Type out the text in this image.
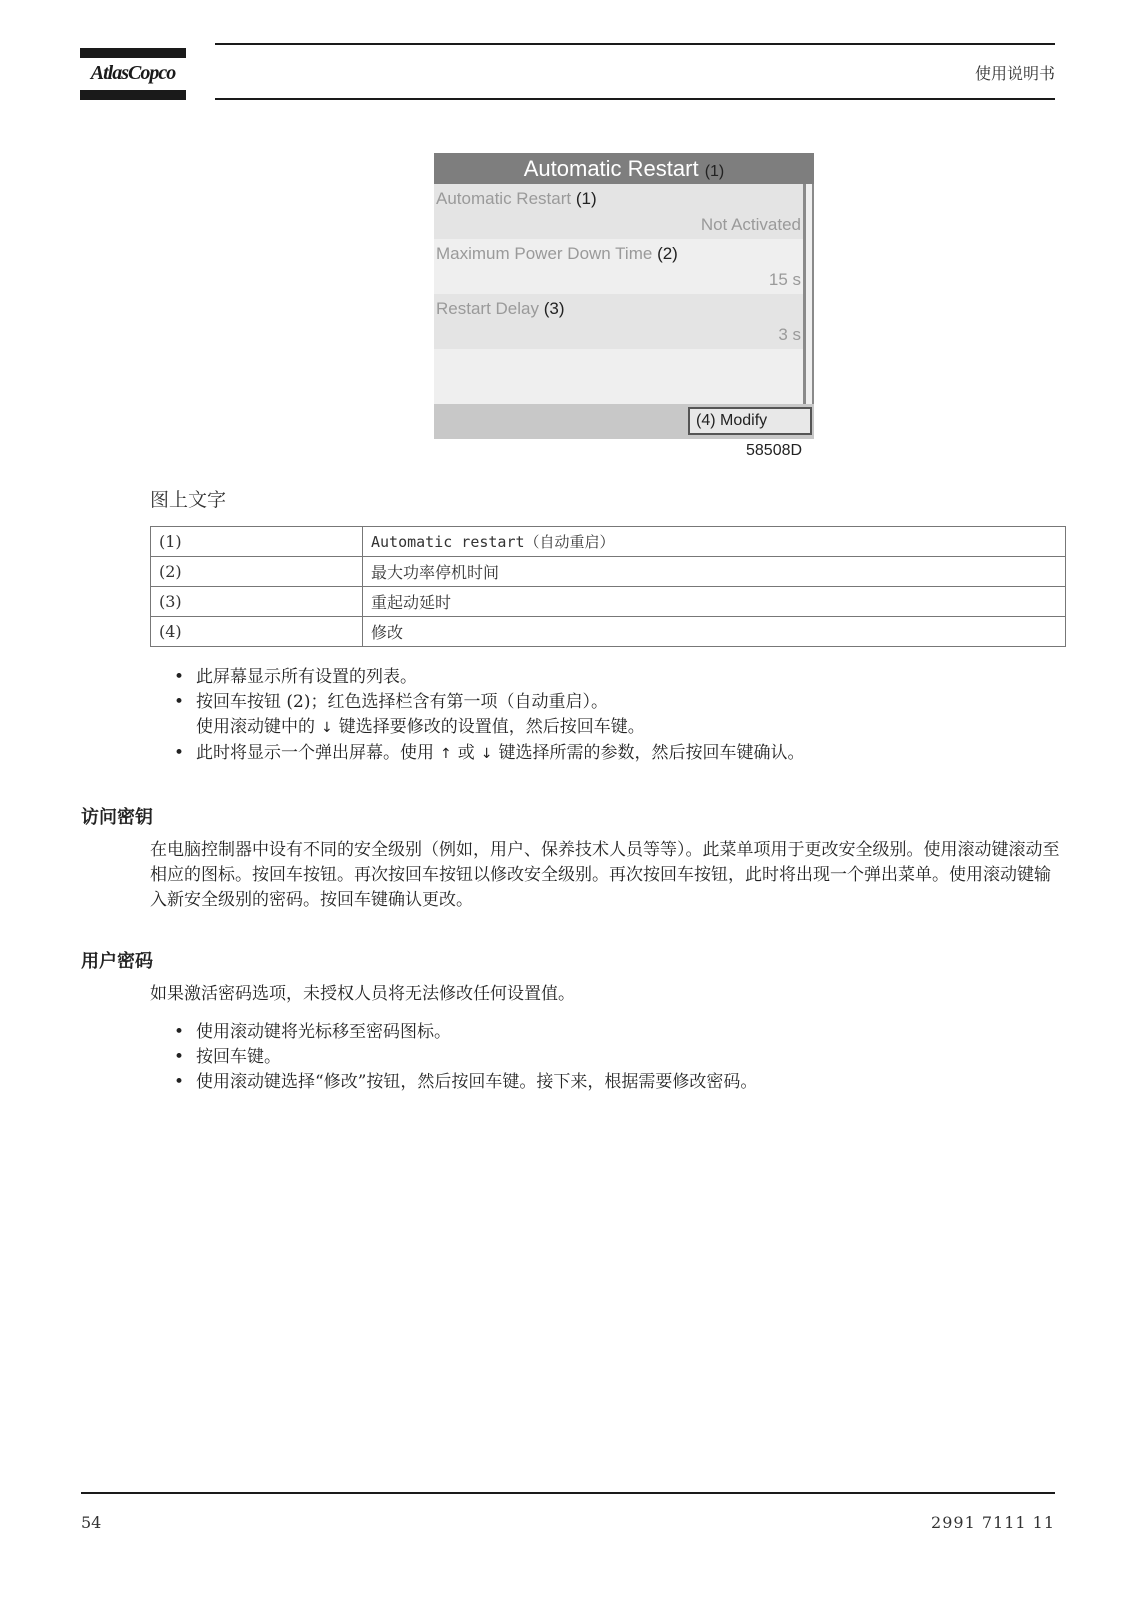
AtlasCopco	使用说明书
Automatic Restart (1)
Automatic Restart (1)
Not Activated
Maximum Power Down Time (2)
15 s
Restart Delay (3)
3 s
(4) Modify
58508D
图上文字
(1)	Automatic restart（自动重启）
(2)	最大功率停机时间
(3)	重起动延时
(4)	修改
• 此屏幕显示所有设置的列表。
• 按回车按钮 (2)；红色选择栏含有第一项（自动重启）。
使用滚动键中的 ↓ 键选择要修改的设置值，然后按回车键。
• 此时将显示一个弹出屏幕。使用 ↑ 或 ↓ 键选择所需的参数，然后按回车键确认。
访问密钥

在电脑控制器中设有不同的安全级别（例如，用户、保养技术人员等等）。此菜单项用于更改安全级别。使用滚动键滚动至相应的图标。按回车按钮。再次按回车按钮以修改安全级别。再次按回车按钮，此时将出现一个弹出菜单。使用滚动键输入新安全级别的密码。按回车键确认更改。

用户密码

如果激活密码选项，未授权人员将无法修改任何设置值。

• 使用滚动键将光标移至密码图标。
• 按回车键。
• 使用滚动键选择“修改”按钮，然后按回车键。接下来，根据需要修改密码。
54	2991 7111 11
